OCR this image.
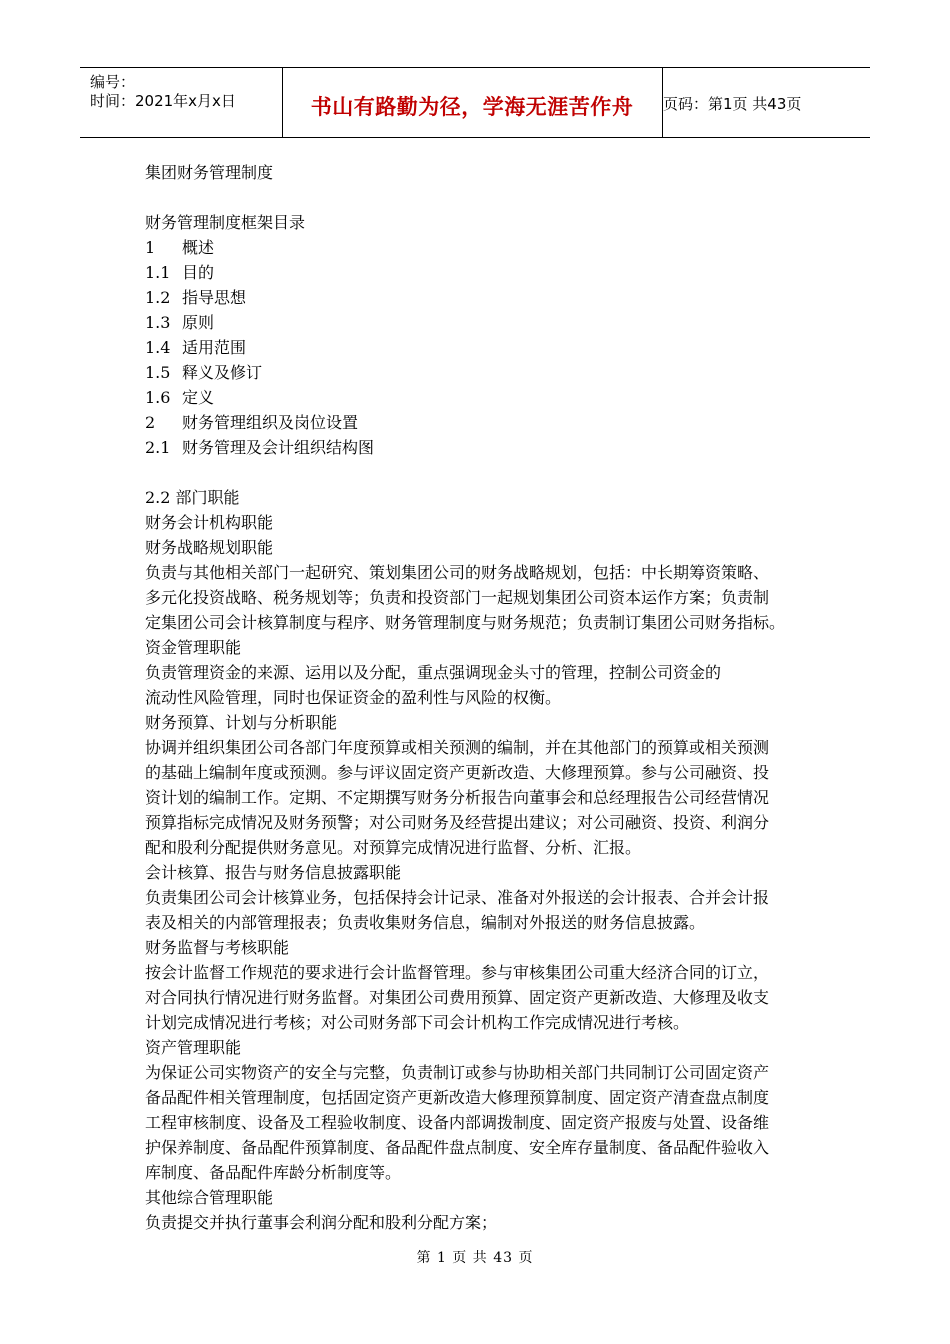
编号：
时间：2021年x月x日	书山有路勤为径，学海无涯苦作舟	页码：第1页 共43页
集团财务管理制度
财务管理制度框架目录
1 概述
1.1 目的
1.2 指导思想
1.3 原则
1.4 适用范围
1.5 释义及修订
1.6 定义
2 财务管理组织及岗位设置
2.1 财务管理及会计组织结构图
2.2 部门职能
财务会计机构职能
财务战略规划职能
负责与其他相关部门一起研究、策划集团公司的财务战略规划，包括：中长期筹资策略、
多元化投资战略、税务规划等；负责和投资部门一起规划集团公司资本运作方案；负责制
定集团公司会计核算制度与程序、财务管理制度与财务规范；负责制订集团公司财务指标。
资金管理职能
负责管理资金的来源、运用以及分配，重点强调现金头寸的管理，控制公司资金的
流动性风险管理，同时也保证资金的盈利性与风险的权衡。
财务预算、计划与分析职能
协调并组织集团公司各部门年度预算或相关预测的编制，并在其他部门的预算或相关预测
的基础上编制年度或预测。参与评议固定资产更新改造、大修理预算。参与公司融资、投
资计划的编制工作。定期、不定期撰写财务分析报告向董事会和总经理报告公司经营情况
预算指标完成情况及财务预警；对公司财务及经营提出建议；对公司融资、投资、利润分
配和股利分配提供财务意见。对预算完成情况进行监督、分析、汇报。
会计核算、报告与财务信息披露职能
负责集团公司会计核算业务，包括保持会计记录、准备对外报送的会计报表、合并会计报
表及相关的内部管理报表；负责收集财务信息，编制对外报送的财务信息披露。
财务监督与考核职能
按会计监督工作规范的要求进行会计监督管理。参与审核集团公司重大经济合同的订立，
对合同执行情况进行财务监督。对集团公司费用预算、固定资产更新改造、大修理及收支
计划完成情况进行考核；对公司财务部下司会计机构工作完成情况进行考核。
资产管理职能
为保证公司实物资产的安全与完整，负责制订或参与协助相关部门共同制订公司固定资产
备品配件相关管理制度，包括固定资产更新改造大修理预算制度、固定资产清查盘点制度
工程审核制度、设备及工程验收制度、设备内部调拨制度、固定资产报废与处置、设备维
护保养制度、备品配件预算制度、备品配件盘点制度、安全库存量制度、备品配件验收入
库制度、备品配件库龄分析制度等。
其他综合管理职能
负责提交并执行董事会利润分配和股利分配方案；
第 1 页 共 43 页
